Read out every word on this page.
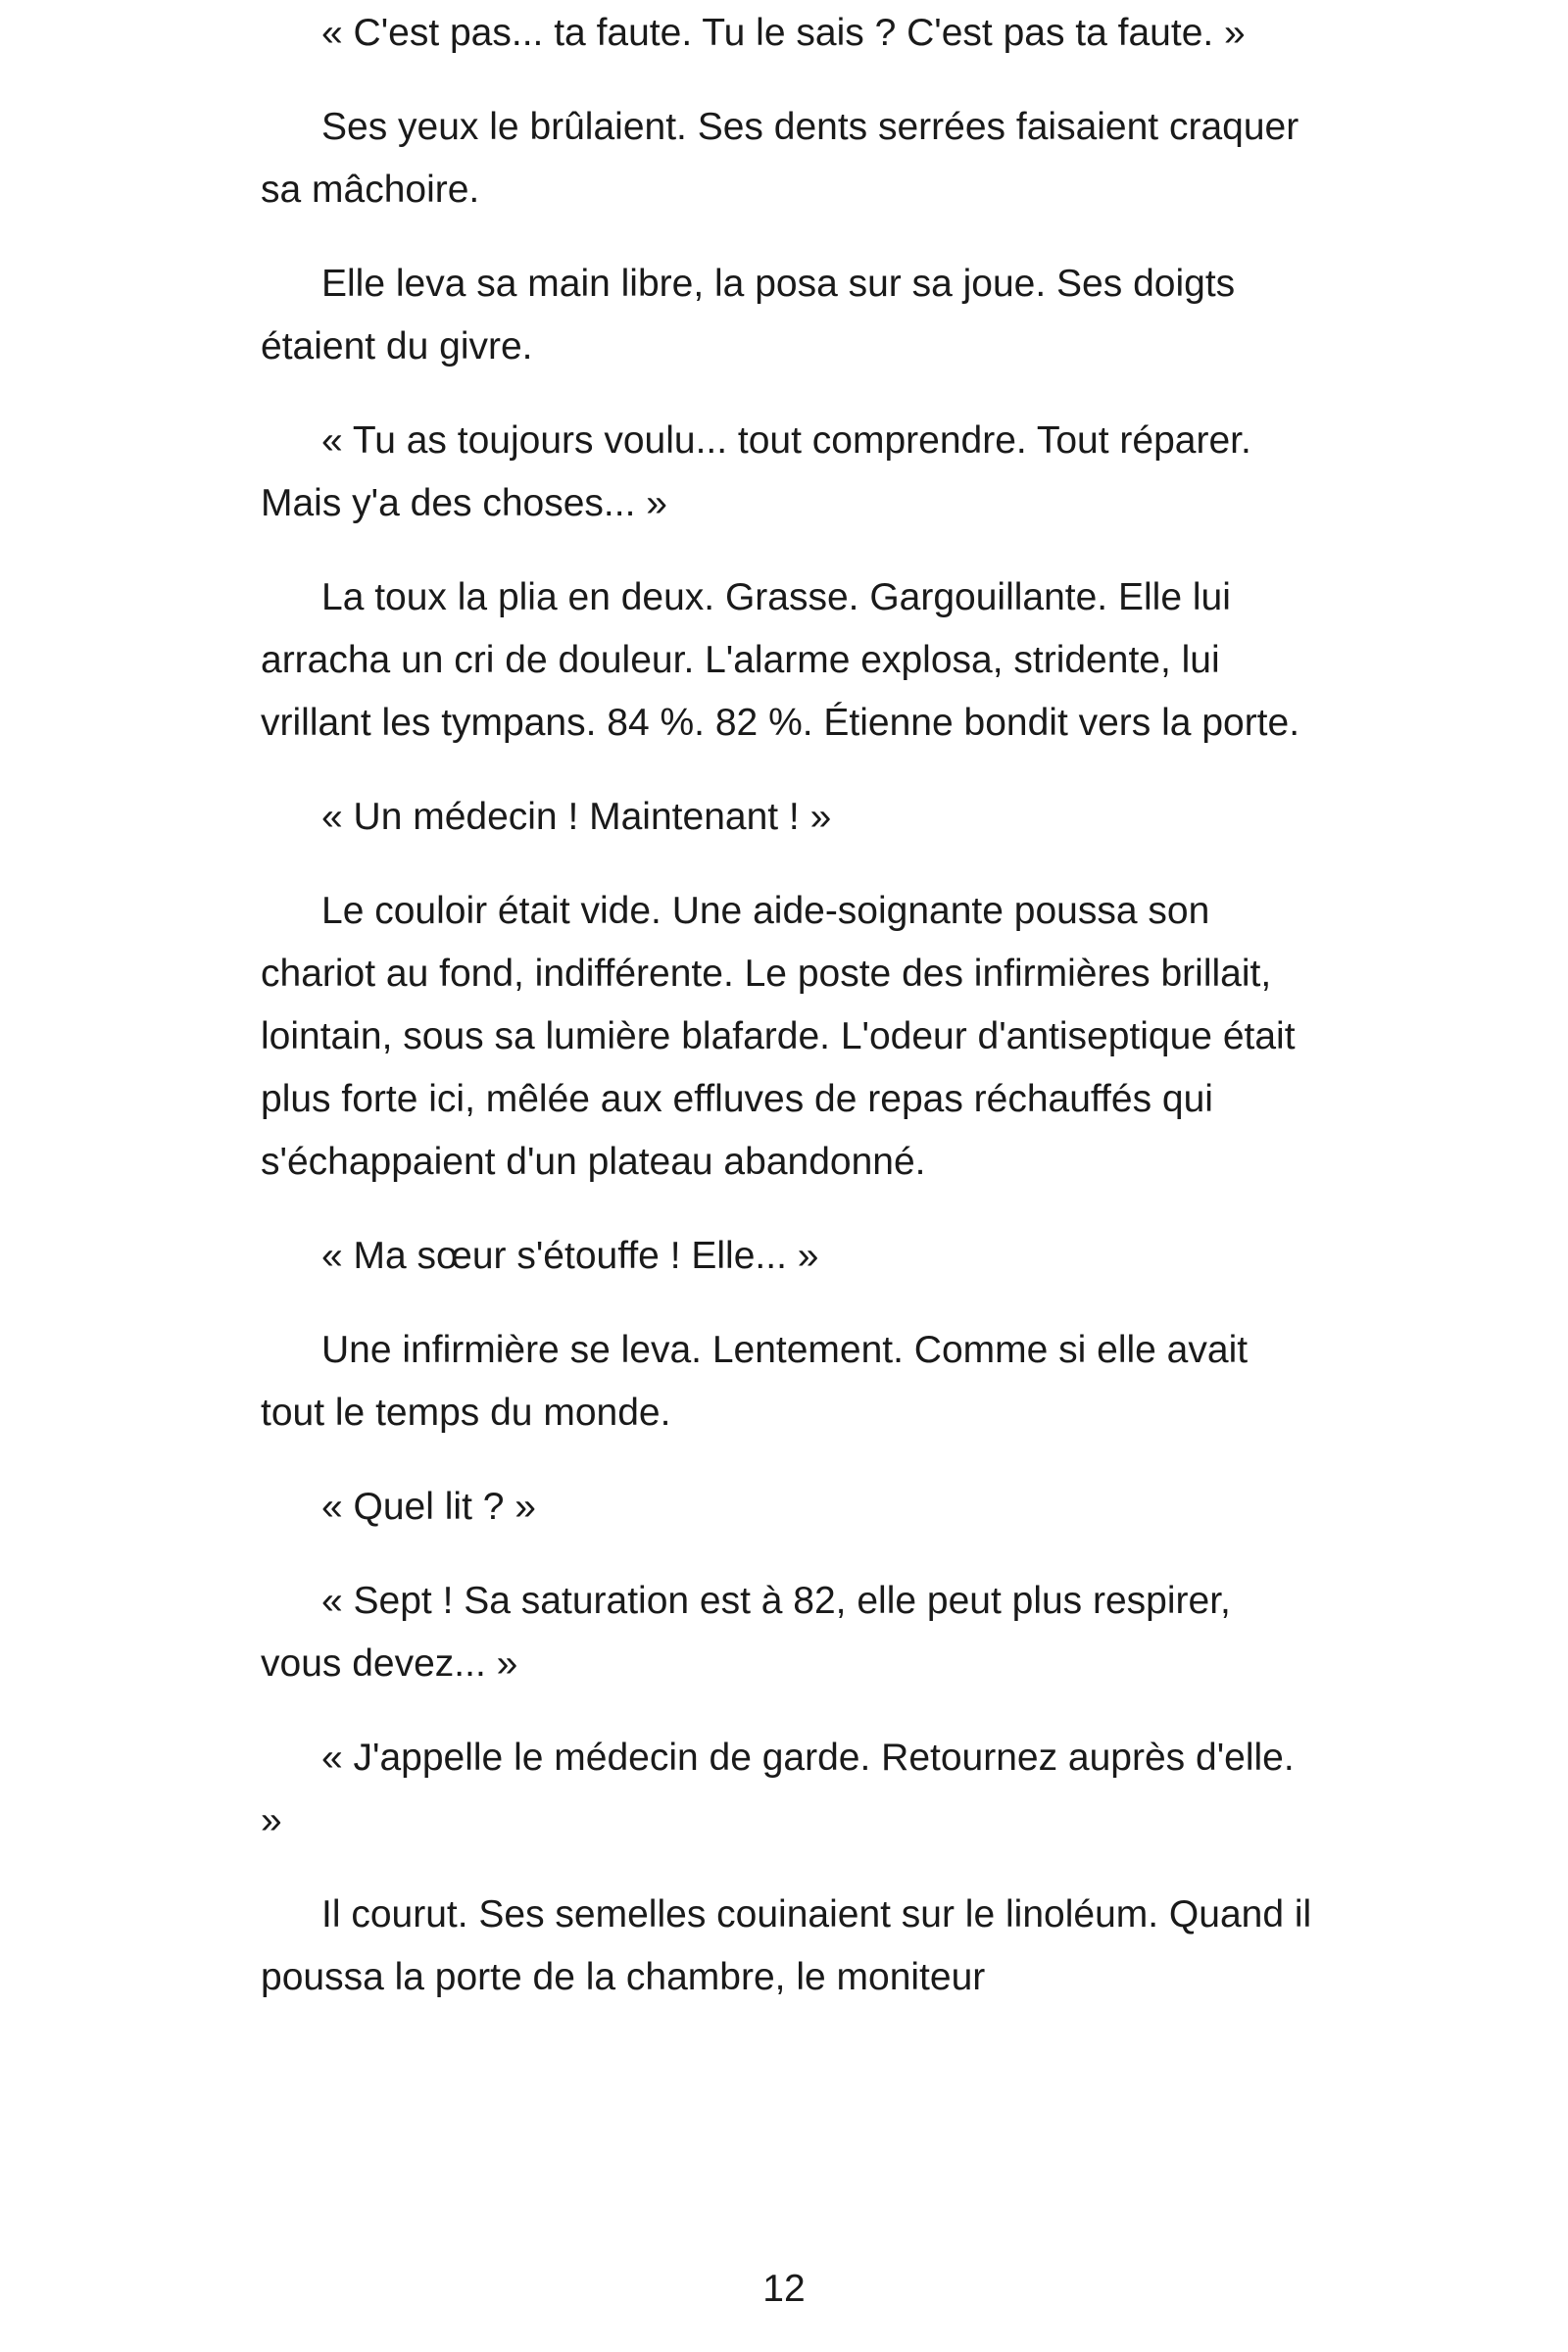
« C'est pas... ta faute. Tu le sais ? C'est pas ta faute. »

Ses yeux le brûlaient. Ses dents serrées faisaient craquer sa mâchoire.

Elle leva sa main libre, la posa sur sa joue. Ses doigts étaient du givre.

« Tu as toujours voulu... tout comprendre. Tout réparer. Mais y'a des choses... »

La toux la plia en deux. Grasse. Gargouillante. Elle lui arracha un cri de douleur. L'alarme explosa, stridente, lui vrillant les tympans. 84 %. 82 %. Étienne bondit vers la porte.

« Un médecin ! Maintenant ! »

Le couloir était vide. Une aide-soignante poussa son chariot au fond, indifférente. Le poste des infirmières brillait, lointain, sous sa lumière blafarde. L'odeur d'antiseptique était plus forte ici, mêlée aux effluves de repas réchauffés qui s'échappaient d'un plateau abandonné.

« Ma sœur s'étouffe ! Elle... »

Une infirmière se leva. Lentement. Comme si elle avait tout le temps du monde.

« Quel lit ? »

« Sept ! Sa saturation est à 82, elle peut plus respirer, vous devez... »

« J'appelle le médecin de garde. Retournez auprès d'elle. »

Il courut. Ses semelles couinaient sur le linoléum. Quand il poussa la porte de la chambre, le moniteur

12
